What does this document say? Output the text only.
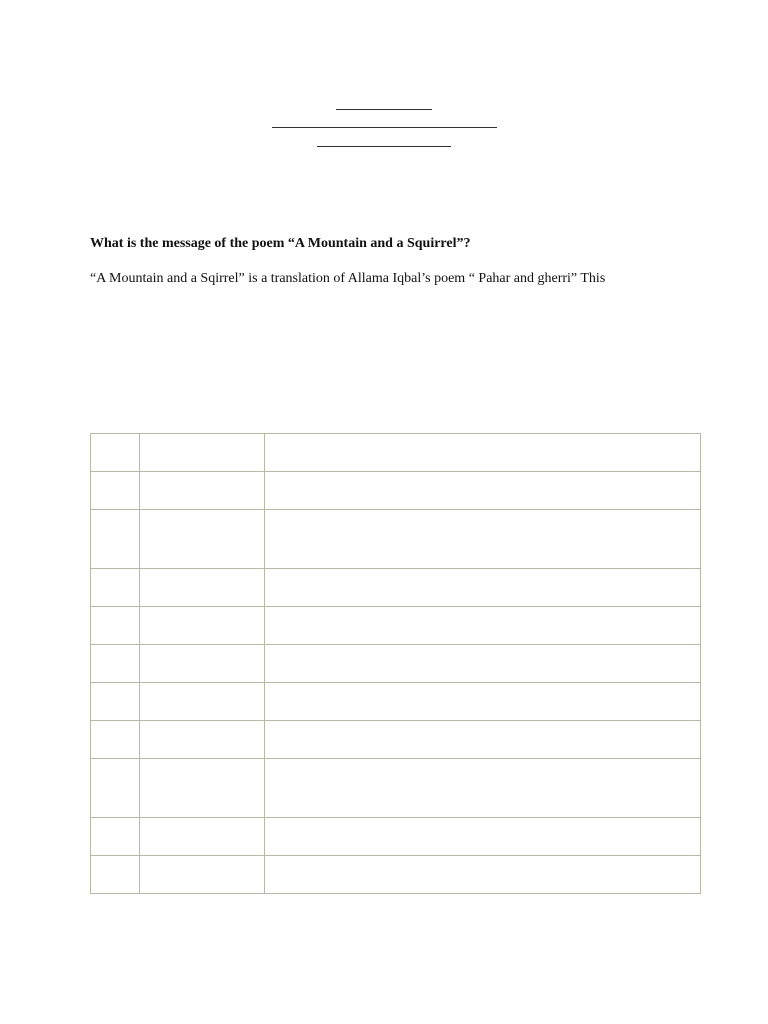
What is the message of the poem “A Mountain and a Squirrel”?

“A Mountain and a Sqirrel” is a translation of Allama Iqbal’s poem “ Pahar and gherri” This
